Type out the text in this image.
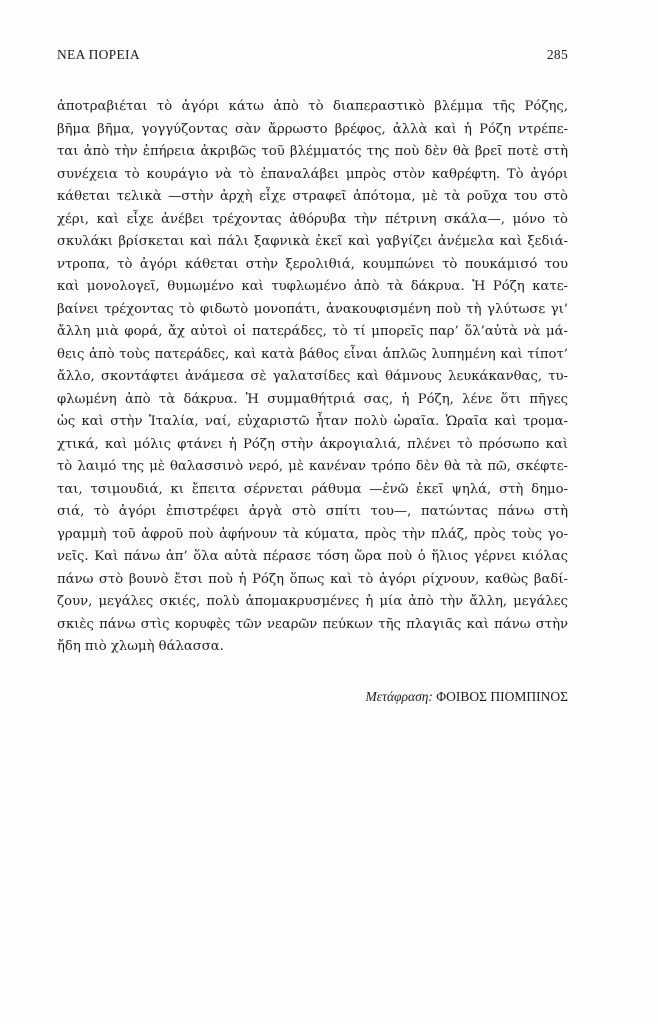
ΝΕΑ ΠΟΡΕΙΑ	285
ἀποτραβιέται τὸ ἀγόρι κάτω ἀπὸ τὸ διαπεραστικὸ βλέμμα τῆς Ρόζης,
βῆμα βῆμα, γογγύζοντας σὰν ἄρρωστο βρέφος, ἀλλὰ καὶ ἡ Ρόζη ντρέπε-
ται ἀπὸ τὴν ἐπήρεια ἀκριβῶς τοῦ βλέμματός της ποὺ δὲν θὰ βρεῖ ποτὲ στὴ
συνέχεια τὸ κουράγιο νὰ τὸ ἐπαναλάβει μπρὸς στὸν καθρέφτη. Τὸ ἀγόρι
κάθεται τελικὰ —στὴν ἀρχὴ εἶχε στραφεῖ ἀπότομα, μὲ τὰ ροῦχα του στὸ
χέρι, καὶ εἶχε ἀνέβει τρέχοντας ἀθόρυβα τὴν πέτρινη σκάλα—, μόνο τὸ
σκυλάκι βρίσκεται καὶ πάλι ξαφνικὰ ἐκεῖ καὶ γαβγίζει ἀνέμελα καὶ ξεδιά-
ντροπα, τὸ ἀγόρι κάθεται στὴν ξερολιθιά, κουμπώνει τὸ πουκάμισό του
καὶ μονολογεῖ, θυμωμένο καὶ τυφλωμένο ἀπὸ τὰ δάκρυα. Ἡ Ρόζη κατε-
βαίνει τρέχοντας τὸ φιδωτὸ μονοπάτι, ἀνακουφισμένη ποὺ τὴ γλύτωσε γι’
ἄλλη μιὰ φορά, ἄχ αὐτοὶ οἱ πατεράδες, τὸ τί μπορεῖς παρ’ ὅλ’αὐτὰ νὰ μά-
θεις ἀπὸ τοὺς πατεράδες, καὶ κατὰ βάθος εἶναι ἁπλῶς λυπημένη καὶ τίποτ’
ἄλλο, σκοντάφτει ἀνάμεσα σὲ γαλατσίδες καὶ θάμνους λευκάκανθας, τυ-
φλωμένη ἀπὸ τὰ δάκρυα. Ἡ συμμαθήτριά σας, ἡ Ρόζη, λένε ὅτι πῆγες
ὡς καὶ στὴν Ἰταλία, ναί, εὐχαριστῶ ἦταν πολὺ ὡραῖα. Ὡραῖα καὶ τρομα-
χτικά, καὶ μόλις φτάνει ἡ Ρόζη στὴν ἀκρογιαλιά, πλένει τὸ πρόσωπο καὶ
τὸ λαιμό της μὲ θαλασσινὸ νερό, μὲ κανέναν τρόπο δὲν θὰ τὰ πῶ, σκέφτε-
ται, τσιμουδιά, κι ἔπειτα σέρνεται ράθυμα —ἐνῶ ἐκεῖ ψηλά, στὴ δημο-
σιά, τὸ ἀγόρι ἐπιστρέφει ἀργὰ στὸ σπίτι του—, πατώντας πάνω στὴ
γραμμὴ τοῦ ἀφροῦ ποὺ ἀφήνουν τὰ κύματα, πρὸς τὴν πλάζ, πρὸς τοὺς γο-
νεῖς. Καὶ πάνω ἀπ’ ὅλα αὐτὰ πέρασε τόση ὥρα ποὺ ὁ ἥλιος γέρνει κιόλας
πάνω στὸ βουνὸ ἔτσι ποὺ ἡ Ρόζη ὅπως καὶ τὸ ἀγόρι ρίχνουν, καθὼς βαδί-
ζουν, μεγάλες σκιές, πολὺ ἀπομακρυσμένες ἡ μία ἀπὸ τὴν ἄλλη, μεγάλες
σκιὲς πάνω στὶς κορυφὲς τῶν νεαρῶν πεύκων τῆς πλαγιᾶς καὶ πάνω στὴν
ἤδη πιὸ χλωμὴ θάλασσα.
Μετάφραση: ΦΟΙΒΟΣ ΠΙΟΜΠΙΝΟΣ
